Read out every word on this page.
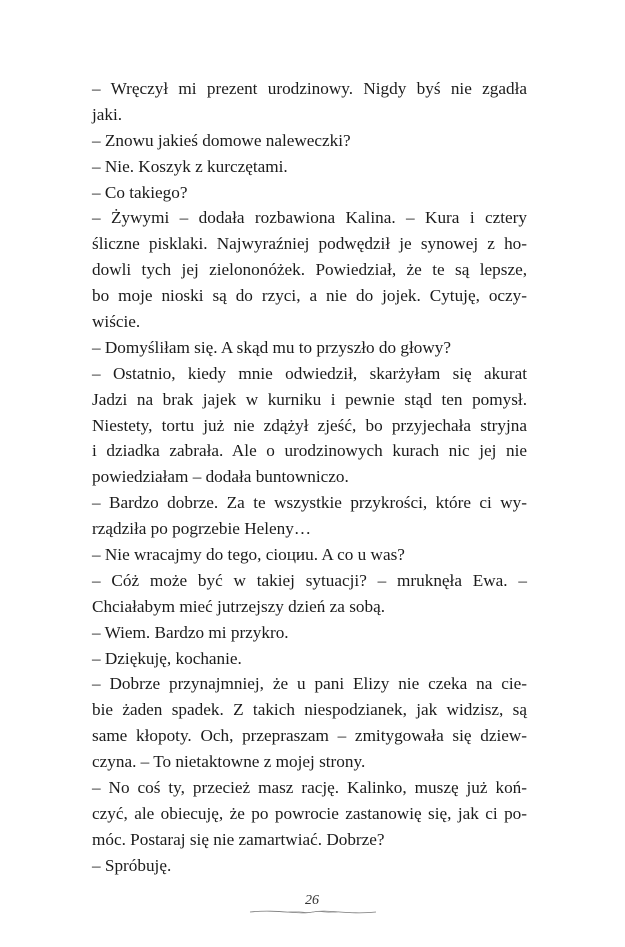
– Wręczył mi prezent urodzinowy. Nigdy byś nie zgadła
jaki.
– Znowu jakieś domowe naleweczki?
– Nie. Koszyk z kurczętami.
– Co takiego?
– Żywymi – dodała rozbawiona Kalina. – Kura i cztery
śliczne pisklaki. Najwyraźniej podwędził je synowej z ho-
dowli tych jej zielononóżek. Powiedział, że te są lepsze,
bo moje nioski są do rzyci, a nie do jojek. Cytuję, oczy-
wiście.
– Domyśliłam się. A skąd mu to przyszło do głowy?
– Ostatnio, kiedy mnie odwiedził, skarżyłam się akurat
Jadzi na brak jajek w kurniku i pewnie stąd ten pomysł.
Niestety, tortu już nie zdążył zjeść, bo przyjechała stryjna
i dziadka zabrała. Ale o urodzinowych kurach nic jej nie
powiedziałam – dodała buntowniczo.
– Bardzo dobrze. Za te wszystkie przykrości, które ci wy-
rządziła po pogrzebie Heleny…
– Nie wracajmy do tego, cioциu. A co u was?
– Cóż może być w takiej sytuacji? – mruknęła Ewa. –
Chciałabym mieć jutrzejszy dzień za sobą.
– Wiem. Bardzo mi przykro.
– Dziękuję, kochanie.
– Dobrze przynajmniej, że u pani Elizy nie czeka na cie-
bie żaden spadek. Z takich niespodzianek, jak widzisz, są
same kłopoty. Och, przepraszam – zmitygowała się dziew-
czyna. – To nietaktowne z mojej strony.
– No coś ty, przecież masz rację. Kalinko, muszę już koń-
czyć, ale obiecuję, że po powrocie zastanowię się, jak ci po-
móc. Postaraj się nie zamartwiać. Dobrze?
– Spróbuję.
26
